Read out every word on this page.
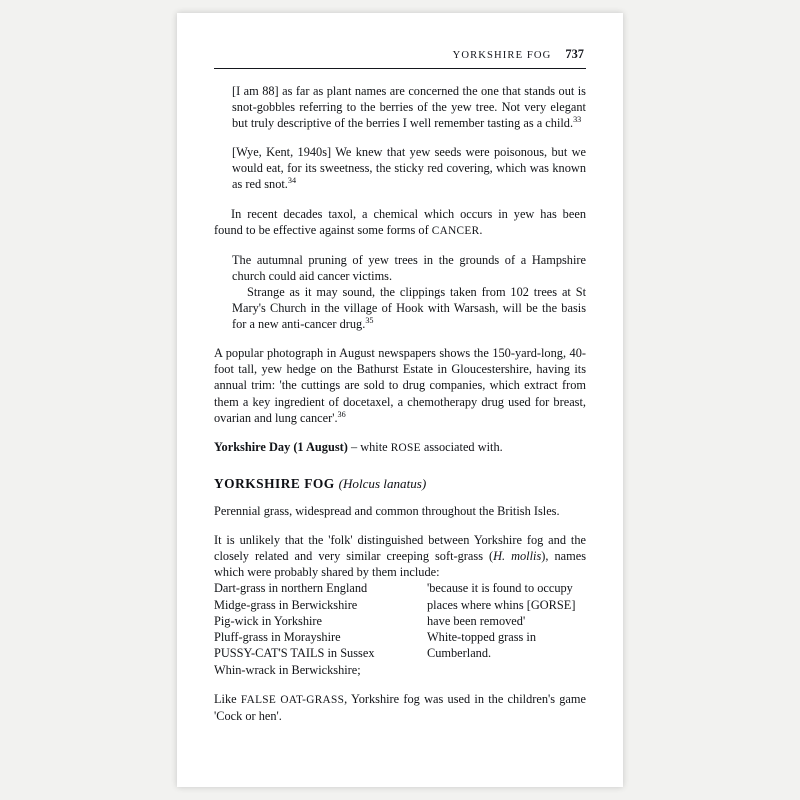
YORKSHIRE FOG 737

[I am 88] as far as plant names are concerned the one that stands out is snot-gobbles referring to the berries of the yew tree. Not very elegant but truly descriptive of the berries I well remember tasting as a child.$^{33}$

[Wye, Kent, 1940s] We knew that yew seeds were poisonous, but we would eat, for its sweetness, the sticky red covering, which was known as red snot.$^{34}$

In recent decades taxol, a chemical which occurs in yew has been found to be effective against some forms of CANCER.

The autumnal pruning of yew trees in the grounds of a Hampshire church could aid cancer victims.

Strange as it may sound, the clippings taken from 102 trees at St Mary's Church in the village of Hook with Warsash, will be the basis for a new anti-cancer drug.$^{35}$

A popular photograph in August newspapers shows the 150-yard-long, 40-foot tall, yew hedge on the Bathurst Estate in Gloucestershire, having its annual trim: 'the cuttings are sold to drug companies, which extract from them a key ingredient of docetaxel, a chemotherapy drug used for breast, ovarian and lung cancer'.$^{36}$

Yorkshire Day (1 August) – white ROSE associated with.

YORKSHIRE FOG (Holcus lanatus)

Perennial grass, widespread and common throughout the British Isles.

It is unlikely that the 'folk' distinguished between Yorkshire fog and the closely related and very similar creeping soft-grass (H. mollis), names which were probably shared by them include:

Dart-grass in northern England
Midge-grass in Berwickshire
Pig-wick in Yorkshire
Pluff-grass in Morayshire
PUSSY-CAT'S TAILS in Sussex
Whin-wrack in Berwickshire;
'because it is found to occupy
places where whins [GORSE]
have been removed'
White-topped grass in
Cumberland.

Like FALSE OAT-GRASS, Yorkshire fog was used in the children's game 'Cock or hen'.
